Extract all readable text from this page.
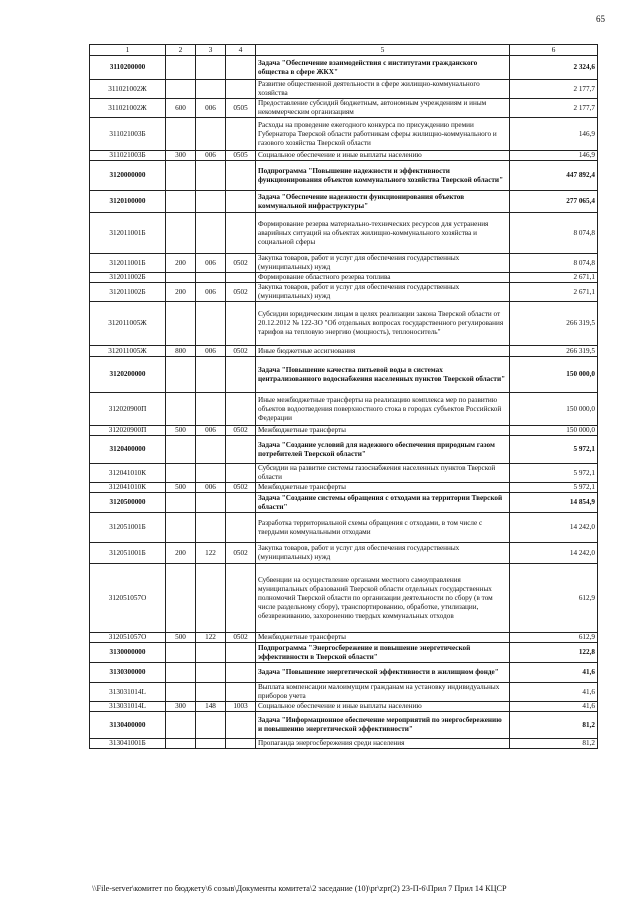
65
1	2	3	4	5	6
3110200000				Задача "Обеспечение взаимодействия с институтами гражданского общества в сфере ЖКХ"	2 324,6
311021002Ж				Развитие общественной деятельности в сфере жилищно-коммунального хозяйства	2 177,7
311021002Ж	600	006	0505	Предоставление субсидий бюджетным, автономным учреждениям и иным некоммерческим организациям	2 177,7
311021003Б				Расходы на проведение ежегодного конкурса по присуждению премии Губернатора Тверской области работникам сферы жилищно-коммунального и газового хозяйства Тверской области	146,9
311021003Б	300	006	0505	Социальное обеспечение и иные выплаты населению	146,9
3120000000				Подпрограмма "Повышение надежности и эффективности функционирования объектов коммунального хозяйства Тверской области"	447 892,4
3120100000				Задача "Обеспечение надежности функционирования объектов коммунальной инфраструктуры"	277 065,4
312011001Б				Формирование резерва материально-технических ресурсов для устранения аварийных ситуаций на объектах жилищно-коммунального хозяйства и социальной сферы	8 074,8
312011001Б	200	006	0502	Закупка товаров, работ и услуг для обеспечения государственных (муниципальных) нужд	8 074,8
312011002Б				Формирование областного резерва топлива	2 671,1
312011002Б	200	006	0502	Закупка товаров, работ и услуг для обеспечения государственных (муниципальных) нужд	2 671,1
312011005Ж				Субсидии юридическим лицам в целях реализации закона Тверской области от 20.12.2012 № 122-ЗО "Об отдельных вопросах государственного регулирования тарифов на тепловую энергию (мощность), теплоноситель"	266 319,5
312011005Ж	800	006	0502	Иные бюджетные ассигнования	266 319,5
3120200000				Задача "Повышение качества питьевой воды в системах централизованного водоснабжения населенных пунктов Тверской области"	150 000,0
312020900П				Иные межбюджетные трансферты на реализацию комплекса мер по развитию объектов водоотведения поверхностного стока в городах субъектов Российской Федерации	150 000,0
312020900П	500	006	0502	Межбюджетные трансферты	150 000,0
3120400000				Задача "Создание условий для надежного обеспечения природным газом потребителей Тверской области"	5 972,1
312041010К				Субсидии на развитие системы газоснабжения населенных пунктов Тверской области	5 972,1
312041010К	500	006	0502	Межбюджетные трансферты	5 972,1
3120500000				Задача "Создание системы обращения с отходами на территории Тверской области"	14 854,9
312051001Б				Разработка территориальной схемы обращения с отходами, в том числе с твердыми коммунальными отходами	14 242,0
312051001Б	200	122	0502	Закупка товаров, работ и услуг для обеспечения государственных (муниципальных) нужд	14 242,0
312051057О				Субвенции на осуществление органами местного самоуправления муниципальных образований Тверской области отдельных государственных полномочий Тверской области по организации деятельности по сбору (в том числе раздельному сбору), транспортированию, обработке, утилизации, обезвреживанию, захоронению твердых коммунальных отходов	612,9
312051057О	500	122	0502	Межбюджетные трансферты	612,9
3130000000				Подпрограмма "Энергосбережение и повышение энергетической эффективности в Тверской области"	122,8
3130300000				Задача "Повышение энергетической эффективности в жилищном фонде"	41,6
313031014L				Выплата компенсации малоимущим гражданам на установку индивидуальных приборов учета	41,6
313031014L	300	148	1003	Социальное обеспечение и иные выплаты населению	41,6
3130400000				Задача "Информационное обеспечение мероприятий по энергосбережению и повышению энергетической эффективности"	81,2
313041001Б				Пропаганда энергосбережения среди населения	81,2
\\File-server\комитет по бюджету\6 созыв\Документы комитета\2 заседание (10)\рr\zpr(2) 23-П-6\Прил 7 Прил 14 КЦСР
